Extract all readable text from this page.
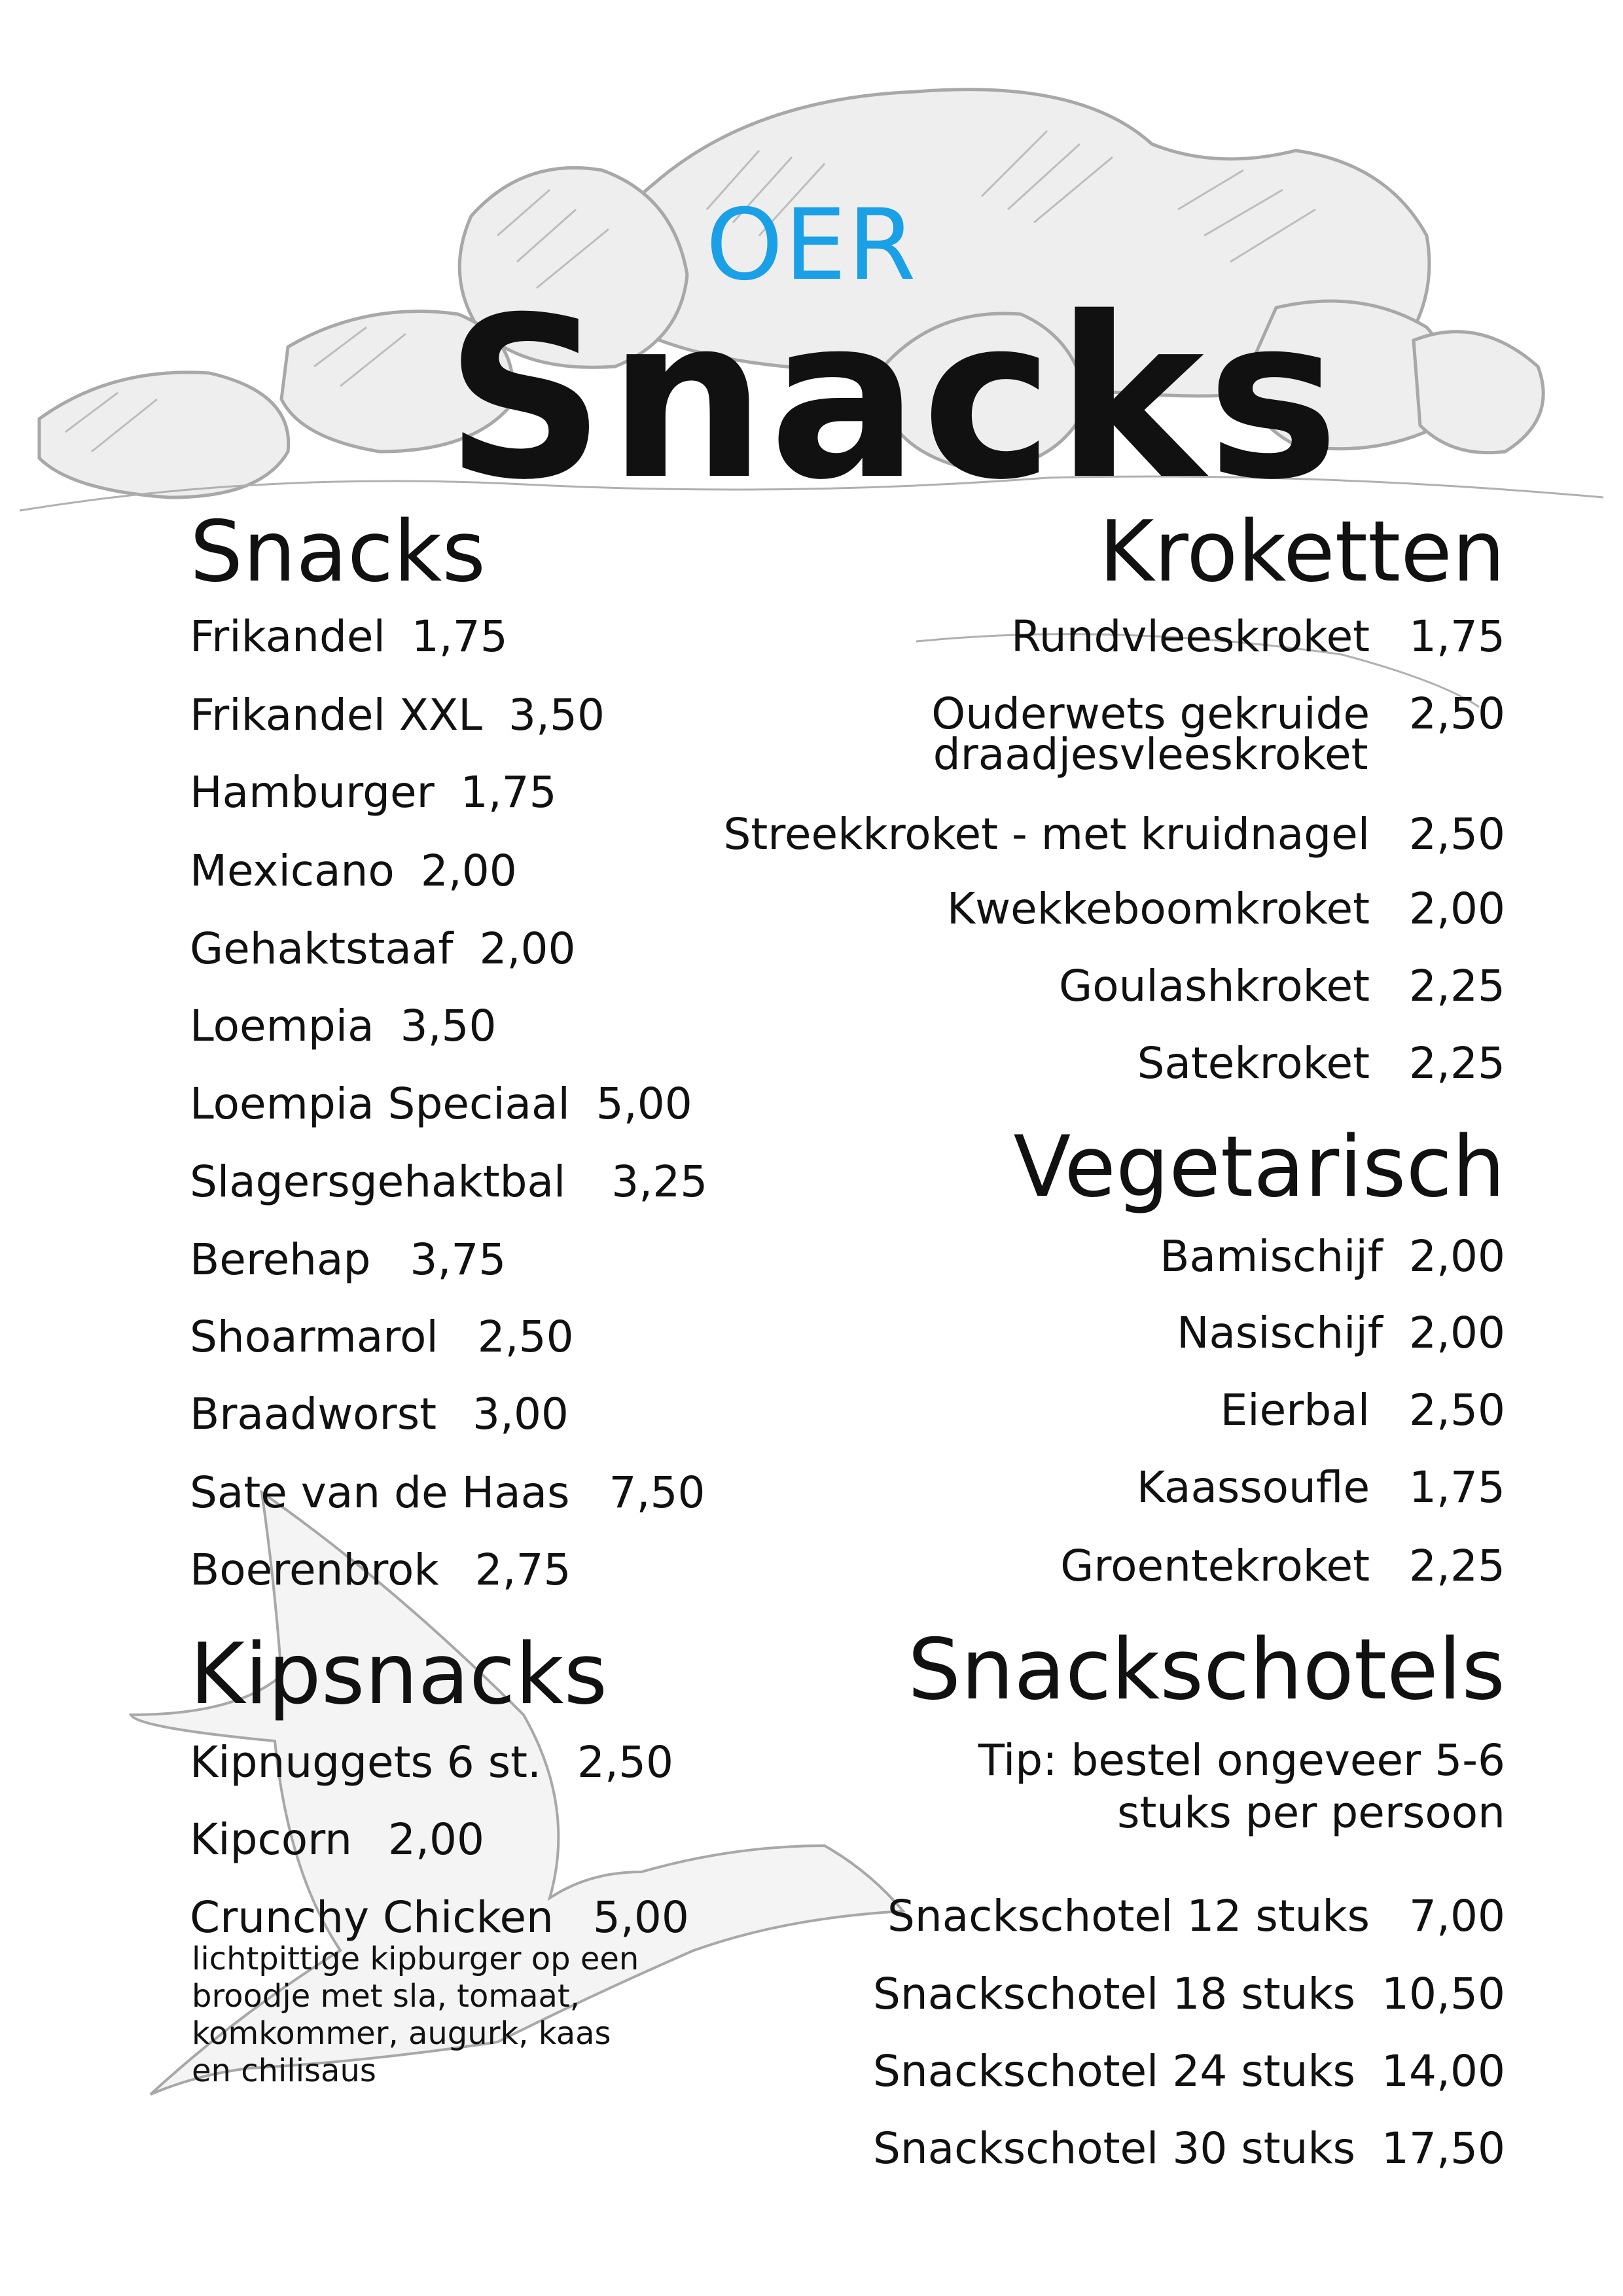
OER
Snacks
Snacks
Frikandel 1,75
Frikandel XXL 3,50
Hamburger 1,75
Mexicano 2,00
Gehaktstaaf 2,00
Loempia 3,50
Loempia Speciaal 5,00
Slagersgehaktbal 3,25
Berehap 3,75
Shoarmarol 2,50
Braadworst 3,00
Sate van de Haas 7,50
Boerenbrok 2,75
Kipsnacks
Kipnuggets 6 st. 2,50
Kipcorn 2,00
Crunchy Chicken 5,00
lichtpittige kipburger op een
broodje met sla, tomaat,
komkommer, augurk, kaas
en chilisaus
Kroketten
Rundvleeskroket 1,75
Ouderwets gekruide
draadjesvleeskroket
2,50
Streekkroket - met kruidnagel 2,50
Kwekkeboomkroket 2,00
Goulashkroket 2,25
Satekroket 2,25
Vegetarisch
Bamischijf 2,00
Nasischijf 2,00
Eierbal 2,50
Kaassoufle 1,75
Groentekroket 2,25
Snackschotels
Tip: bestel ongeveer 5-6
stuks per persoon
Snackschotel 12 stuks 7,00
Snackschotel 18 stuks 10,50
Snackschotel 24 stuks 14,00
Snackschotel 30 stuks 17,50
